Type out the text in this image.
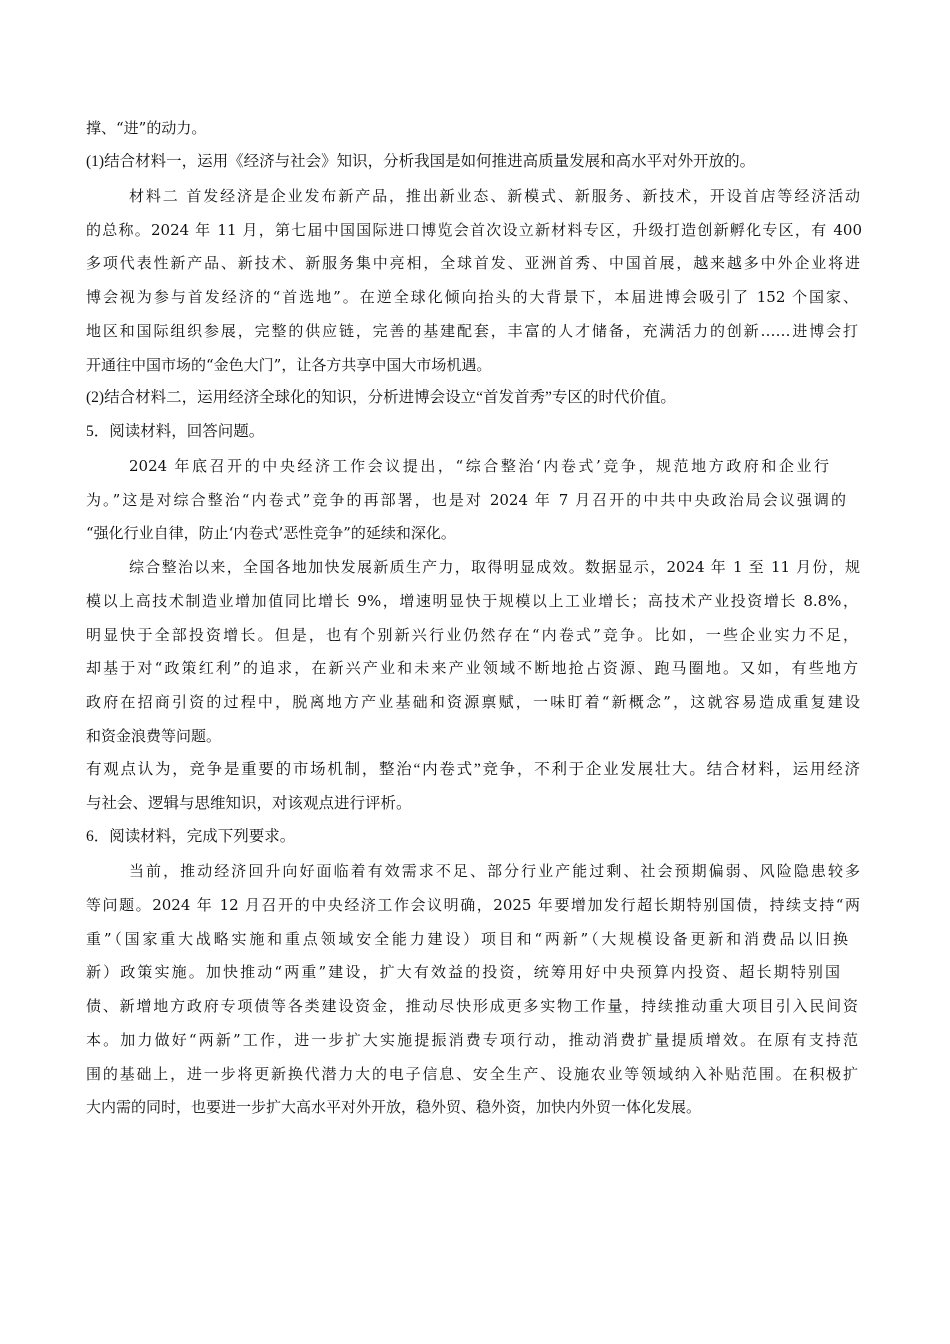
撑、“进”的动力。

(1)结合材料一，运用《经济与社会》知识，分析我国是如何推进高质量发展和高水平对外开放的。

材料二 首发经济是企业发布新产品，推出新业态、新模式、新服务、新技术，开设首店等经济活动

的总称。2024 年 11 月，第七届中国国际进口博览会首次设立新材料专区，升级打造创新孵化专区，有 400

多项代表性新产品、新技术、新服务集中亮相，全球首发、亚洲首秀、中国首展，越来越多中外企业将进

博会视为参与首发经济的“首选地”。在逆全球化倾向抬头的大背景下，本届进博会吸引了 152 个国家、

地区和国际组织参展，完整的供应链，完善的基建配套，丰富的人才储备，充满活力的创新……进博会打

开通往中国市场的“金色大门”，让各方共享中国大市场机遇。

(2)结合材料二，运用经济全球化的知识，分析进博会设立“首发首秀”专区的时代价值。

5．阅读材料，回答问题。

2024 年底召开的中央经济工作会议提出，“综合整治‘内卷式’竞争，规范地方政府和企业行

为。”这是对综合整治“内卷式”竞争的再部署，也是对 2024 年 7 月召开的中共中央政治局会议强调的

“强化行业自律，防止‘内卷式’恶性竞争”的延续和深化。

综合整治以来，全国各地加快发展新质生产力，取得明显成效。数据显示，2024 年 1 至 11 月份，规

模以上高技术制造业增加值同比增长 9%，增速明显快于规模以上工业增长；高技术产业投资增长 8.8%，

明显快于全部投资增长。但是，也有个别新兴行业仍然存在“内卷式”竞争。比如，一些企业实力不足，

却基于对“政策红利”的追求，在新兴产业和未来产业领域不断地抢占资源、跑马圈地。又如，有些地方

政府在招商引资的过程中，脱离地方产业基础和资源禀赋，一味盯着“新概念”，这就容易造成重复建设

和资金浪费等问题。

有观点认为，竞争是重要的市场机制，整治“内卷式”竞争，不利于企业发展壮大。结合材料，运用经济

与社会、逻辑与思维知识，对该观点进行评析。

6．阅读材料，完成下列要求。

当前，推动经济回升向好面临着有效需求不足、部分行业产能过剩、社会预期偏弱、风险隐患较多

等问题。2024 年 12 月召开的中央经济工作会议明确，2025 年要增加发行超长期特别国债，持续支持“两

重”（国家重大战略实施和重点领域安全能力建设）项目和“两新”（大规模设备更新和消费品以旧换

新）政策实施。加快推动“两重”建设，扩大有效益的投资，统筹用好中央预算内投资、超长期特别国

债、新增地方政府专项债等各类建设资金，推动尽快形成更多实物工作量，持续推动重大项目引入民间资

本。加力做好“两新”工作，进一步扩大实施提振消费专项行动，推动消费扩量提质增效。在原有支持范

围的基础上，进一步将更新换代潜力大的电子信息、安全生产、设施农业等领域纳入补贴范围。在积极扩

大内需的同时，也要进一步扩大高水平对外开放，稳外贸、稳外资，加快内外贸一体化发展。
